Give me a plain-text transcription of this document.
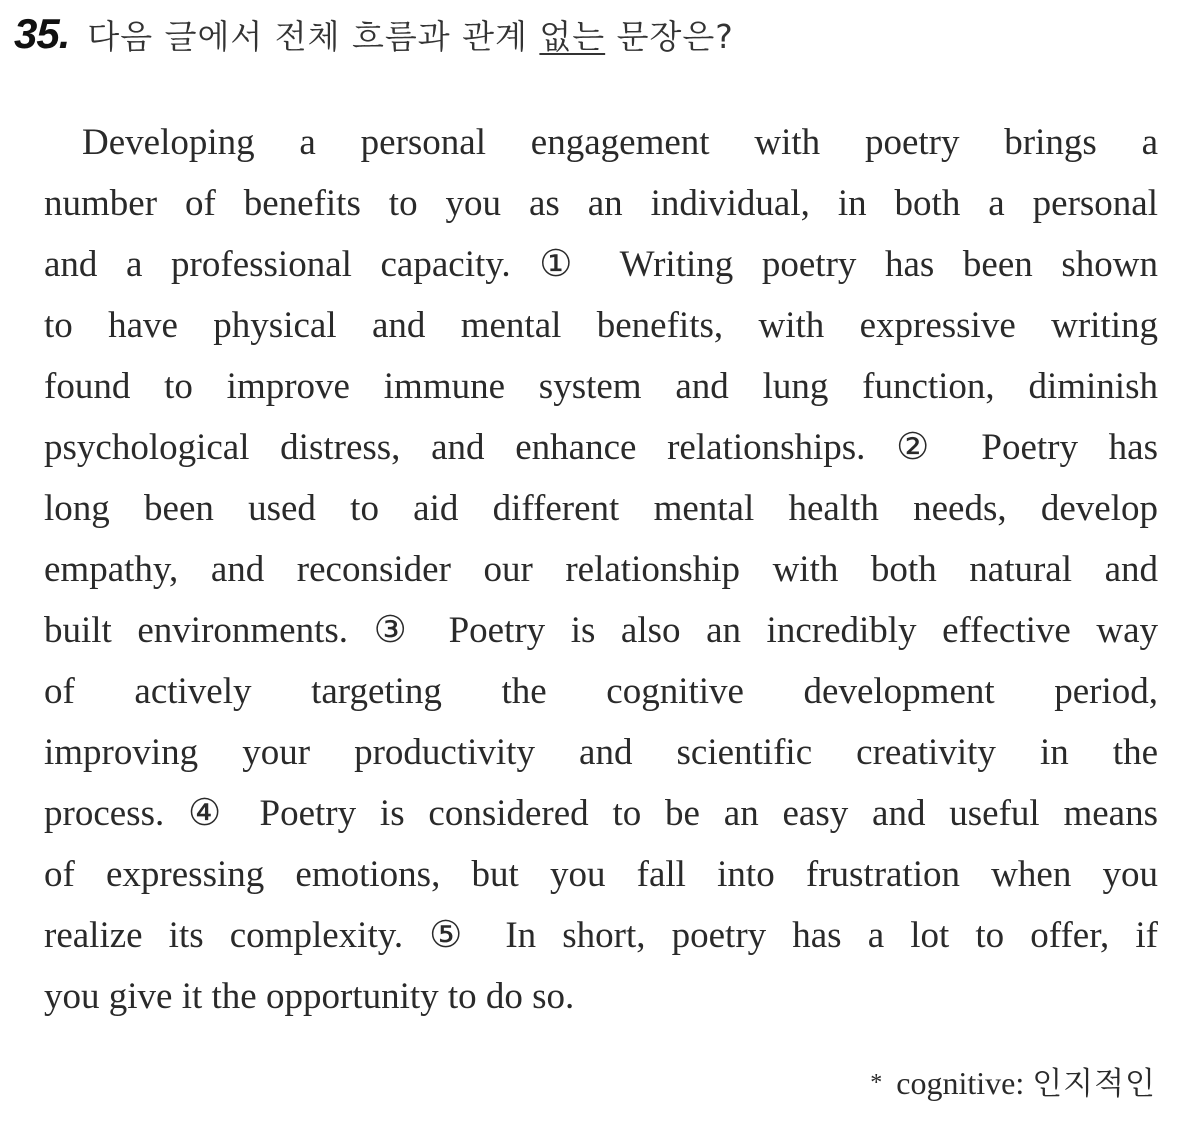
35. 다음 글에서 전체 흐름과 관계 없는 문장은?
Developing a personal engagement with poetry brings a
number of benefits to you as an individual, in both a personal
and a professional capacity. ① Writing poetry has been shown
to have physical and mental benefits, with expressive writing
found to improve immune system and lung function, diminish
psychological distress, and enhance relationships. ② Poetry has
long been used to aid different mental health needs, develop
empathy, and reconsider our relationship with both natural and
built environments. ③ Poetry is also an incredibly effective way
of actively targeting the cognitive development period,
improving your productivity and scientific creativity in the
process. ④ Poetry is considered to be an easy and useful means
of expressing emotions, but you fall into frustration when you
realize its complexity. ⑤ In short, poetry has a lot to offer, if
you give it the opportunity to do so.
* cognitive: 인지적인
